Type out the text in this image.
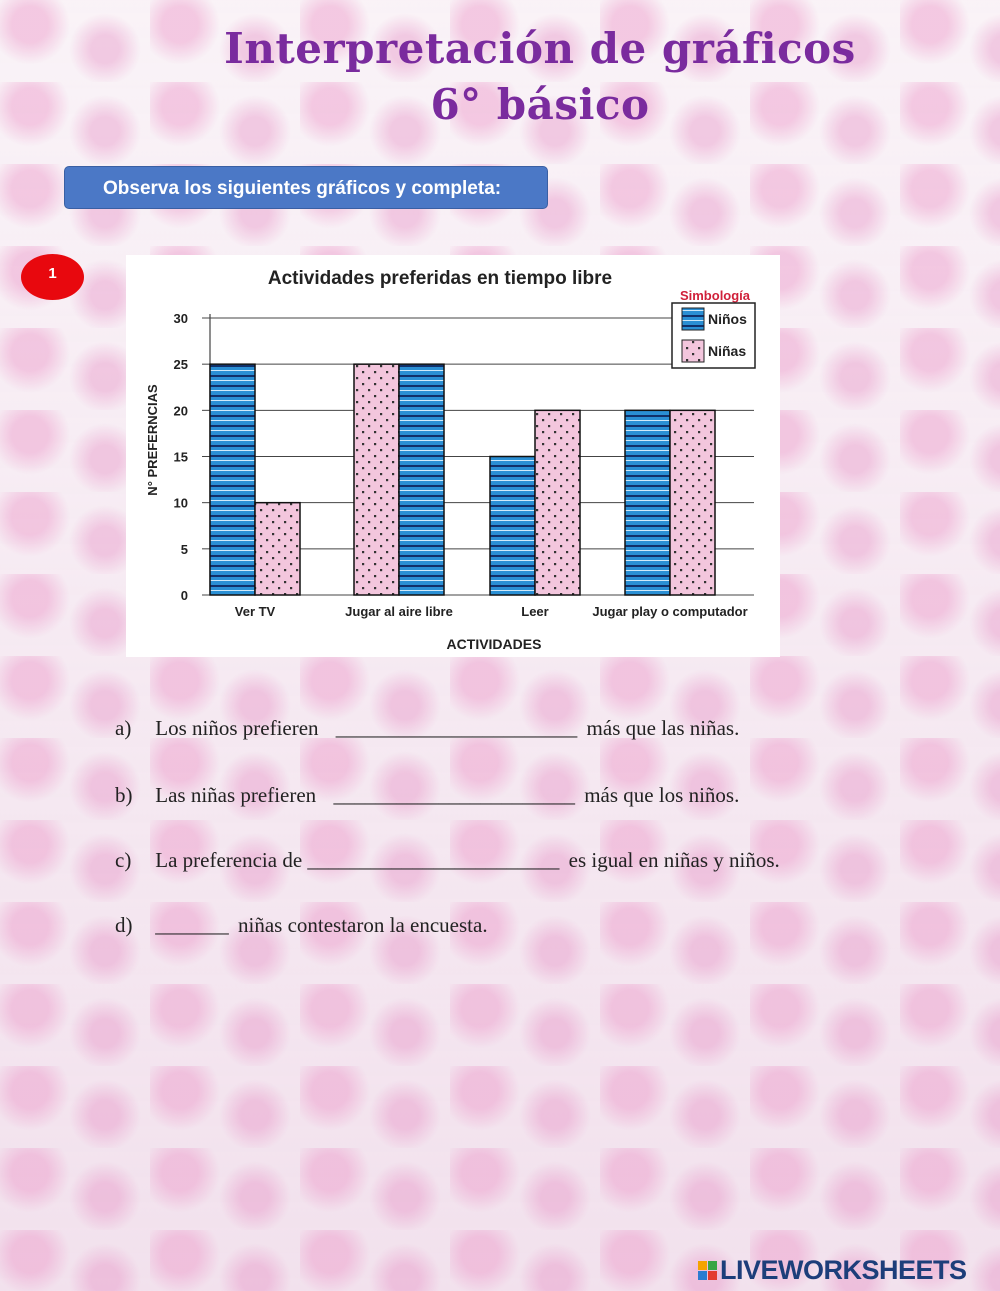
Interpretación de gráficos
6° básico
Observa los siguientes gráficos y completa:
1	Actividades preferidas en tiempo libre
0
5
10
15
20
25
30
Ver TV	Jugar al aire libre	Leer	Jugar play o computador
N° PREFERNCIAS
ACTIVIDADES
Simbología
Niños
Niñas
a) Los niños prefieren _______________________ más que las niñas.
b) Las niñas prefieren _______________________ más que los niños.
c) La preferencia de ________________________ es igual en niñas y niños.
d) _______ niñas contestaron la encuesta.
LIVEWORKSHEETS
